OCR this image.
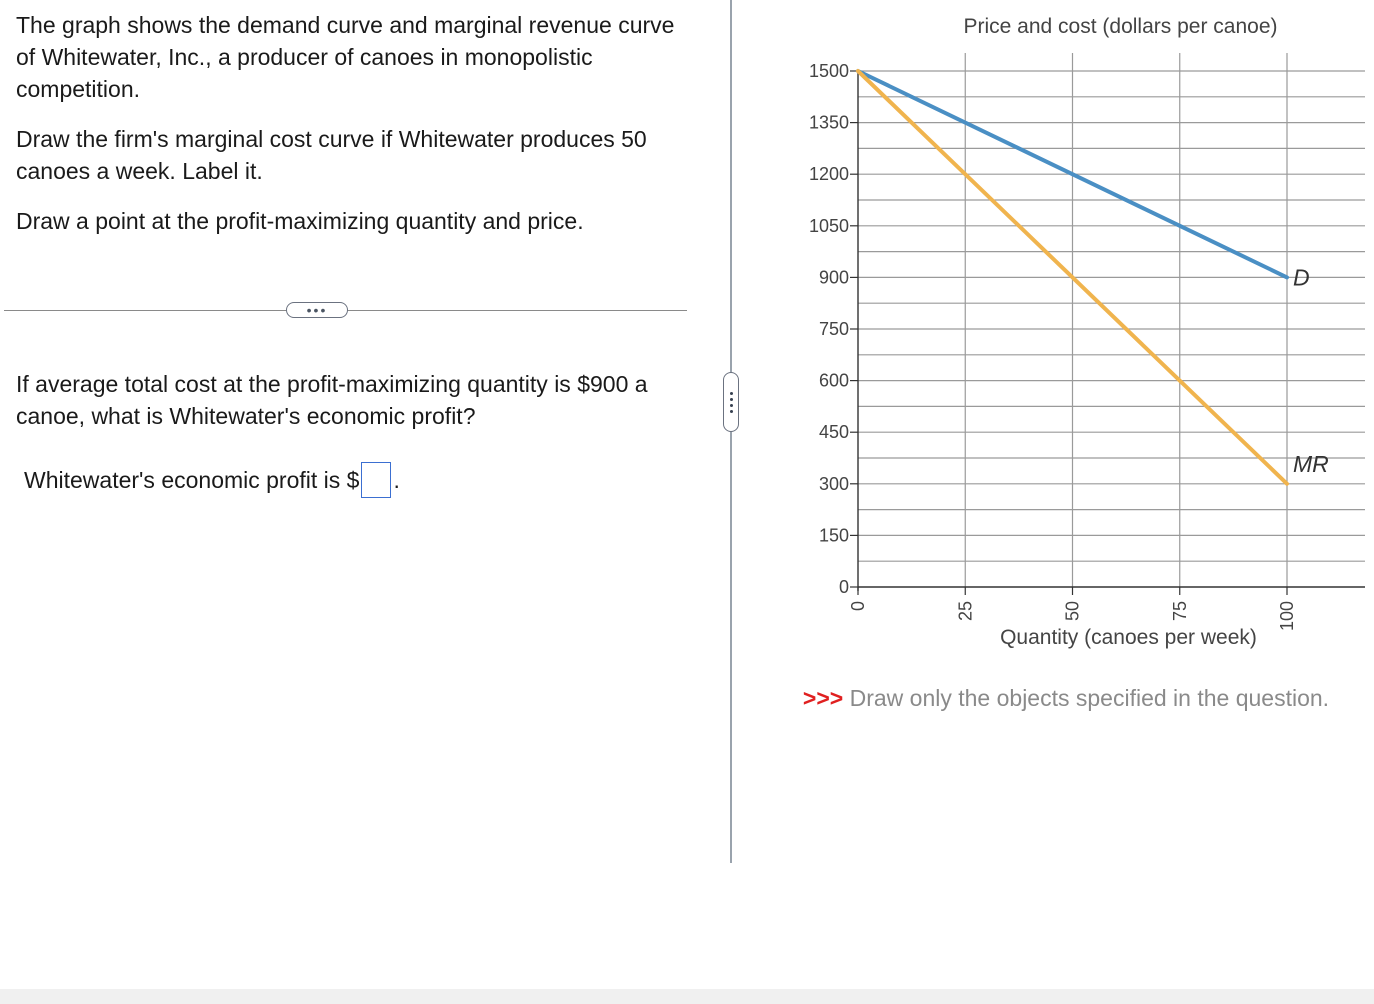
The graph shows the demand curve and marginal revenue curve of Whitewater, Inc., a producer of canoes in monopolistic competition.

Draw the firm's marginal cost curve if Whitewater produces 50 canoes a week. Label it.

Draw a point at the profit-maximizing quantity and price.

•••

If average total cost at the profit-maximizing quantity is $900 a canoe, what is Whitewater's economic profit?

Whitewater's economic profit is $ .
0
150
300
450
600
750
900
1050
1200
1350
1500
0	25	50	75	100
Price and cost (dollars per canoe)
Quantity (canoes per week)
D
MR
>>> Draw only the objects specified in the question.
